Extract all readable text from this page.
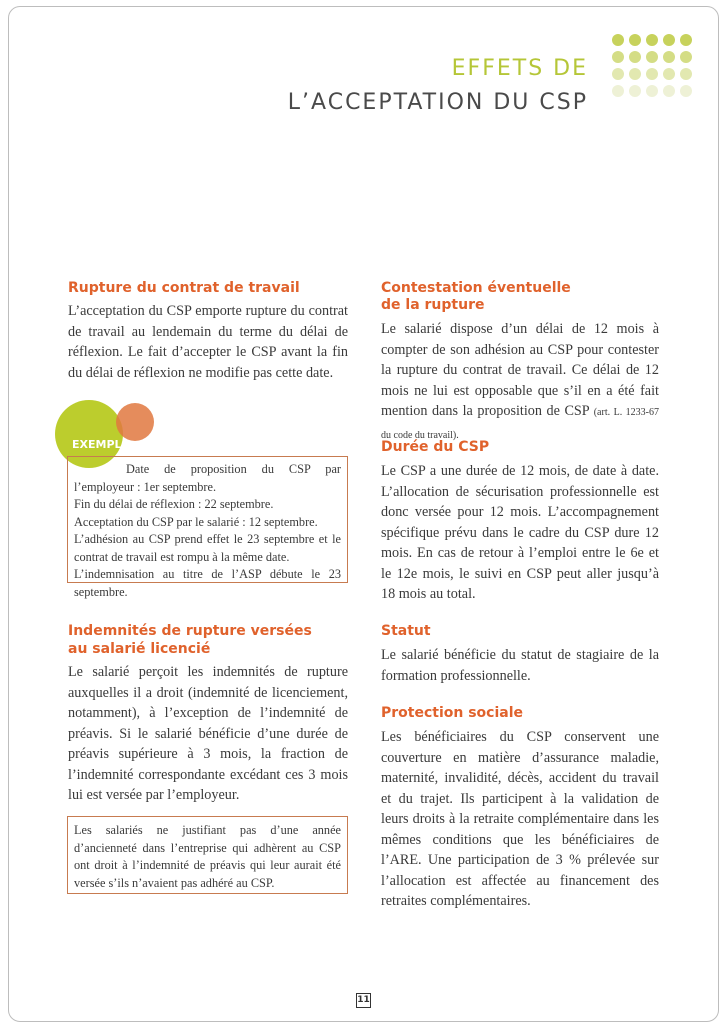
EFFETS DE
L’ACCEPTATION DU CSP
Rupture du contrat de travail

L’acceptation du CSP emporte rupture du contrat de travail au lendemain du terme du délai de réflexion. Le fait d’accepter le CSP avant la fin du délai de réflexion ne modifie pas cette date.

EXEMPLE

Date de proposition du CSP par l’employeur : 1er septembre.

Fin du délai de réflexion : 22 septembre.

Acceptation du CSP par le salarié : 12 septembre.

L’adhésion au CSP prend effet le 23 septembre et le contrat de travail est rompu à la même date.

L’indemnisation au titre de l’ASP débute le 23 septembre.

Indemnités de rupture versées
au salarié licencié

Le salarié perçoit les indemnités de rupture auxquelles il a droit (indemnité de licenciement, notamment), à l’exception de l’indemnité de préavis. Si le salarié bénéficie d’une durée de préavis supérieure à 3 mois, la fraction de l’indemnité correspondante excédant ces 3 mois lui est versée par l’employeur.

Les salariés ne justifiant pas d’une année d’ancienneté dans l’entreprise qui adhèrent au CSP ont droit à l’indemnité de préavis qui leur aurait été versée s’ils n’avaient pas adhéré au CSP.

Contestation éventuelle
de la rupture

Le salarié dispose d’un délai de 12 mois à compter de son adhésion au CSP pour contester la rupture du contrat de travail. Ce délai de 12 mois ne lui est opposable que s’il en a été fait mention dans la proposition de CSP (art. L. 1233-67 du code du travail).

Durée du CSP

Le CSP a une durée de 12 mois, de date à date. L’allocation de sécurisation professionnelle est donc versée pour 12 mois. L’accompagnement spécifique prévu dans le cadre du CSP dure 12 mois. En cas de retour à l’emploi entre le 6e et le 12e mois, le suivi en CSP peut aller jusqu’à 18 mois au total.

Statut

Le salarié bénéficie du statut de stagiaire de la formation professionnelle.

Protection sociale

Les bénéficiaires du CSP conservent une couverture en matière d’assurance maladie, maternité, invalidité, décès, accident du travail et du trajet. Ils participent à la validation de leurs droits à la retraite complémentaire dans les mêmes conditions que les bénéficiaires de l’ARE. Une participation de 3 % prélevée sur l’allocation est affectée au financement des retraites complémentaires.

11
